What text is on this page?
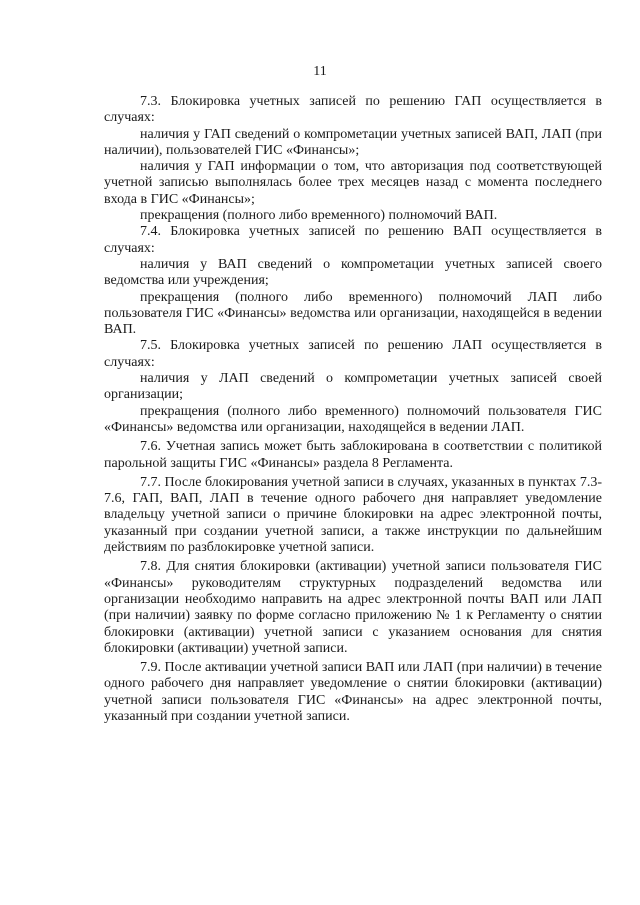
11

7.3. Блокировка учетных записей по решению ГАП осуществляется в случаях:

наличия у ГАП сведений о компрометации учетных записей ВАП, ЛАП (при наличии), пользователей ГИС «Финансы»;

наличия у ГАП информации о том, что авторизация под соответствующей учетной записью выполнялась более трех месяцев назад с момента последнего входа в ГИС «Финансы»;

прекращения (полного либо временного) полномочий ВАП.

7.4. Блокировка учетных записей по решению ВАП осуществляется в случаях:

наличия у ВАП сведений о компрометации учетных записей своего ведомства или учреждения;

прекращения (полного либо временного) полномочий ЛАП либо пользователя ГИС «Финансы» ведомства или организации, находящейся в ведении ВАП.

7.5. Блокировка учетных записей по решению ЛАП осуществляется в случаях:

наличия у ЛАП сведений о компрометации учетных записей своей организации;

прекращения (полного либо временного) полномочий пользователя ГИС «Финансы» ведомства или организации, находящейся в ведении ЛАП.

7.6. Учетная запись может быть заблокирована в соответствии с политикой парольной защиты ГИС «Финансы» раздела 8 Регламента.

7.7. После блокирования учетной записи в случаях, указанных в пунктах 7.3-7.6, ГАП, ВАП, ЛАП в течение одного рабочего дня направляет уведомление владельцу учетной записи о причине блокировки на адрес электронной почты, указанный при создании учетной записи, а также инструкции по дальнейшим действиям по разблокировке учетной записи.

7.8. Для снятия блокировки (активации) учетной записи пользователя ГИС «Финансы» руководителям структурных подразделений ведомства или организации необходимо направить на адрес электронной почты ВАП или ЛАП (при наличии) заявку по форме согласно приложению № 1 к Регламенту о снятии блокировки (активации) учетной записи с указанием основания для снятия блокировки (активации) учетной записи.

7.9. После активации учетной записи ВАП или ЛАП (при наличии) в течение одного рабочего дня направляет уведомление о снятии блокировки (активации) учетной записи пользователя ГИС «Финансы» на адрес электронной почты, указанный при создании учетной записи.
